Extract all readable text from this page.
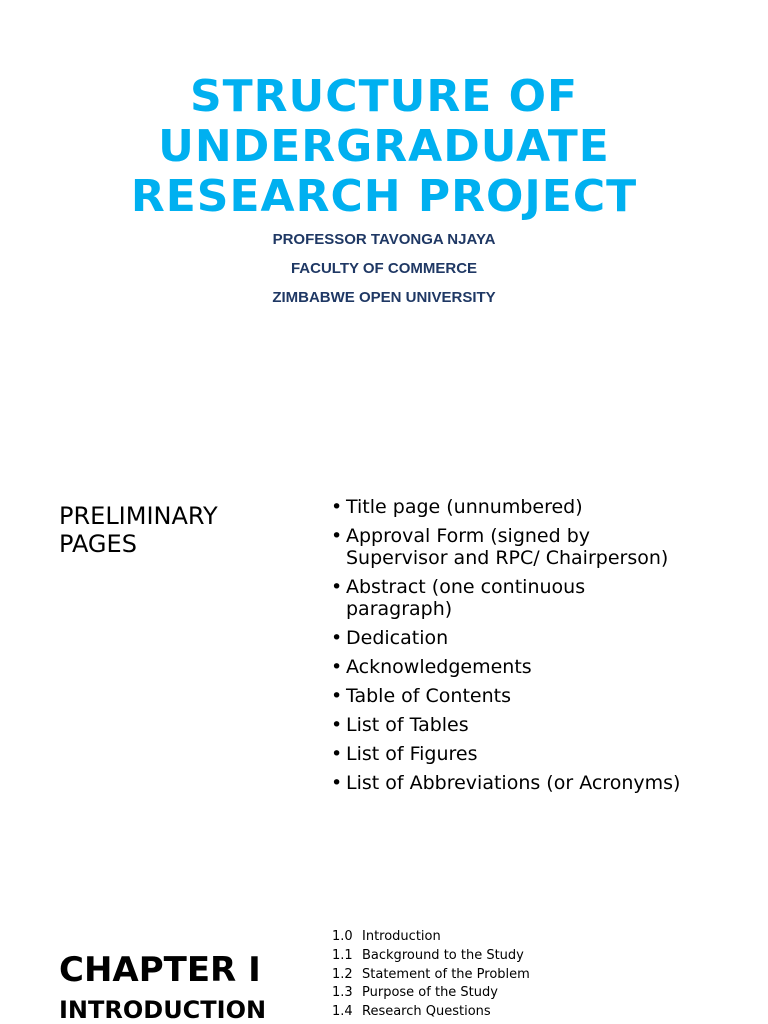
STRUCTURE OF
UNDERGRADUATE
RESEARCH PROJECT
PROFESSOR TAVONGA NJAYA
FACULTY OF COMMERCE
ZIMBABWE OPEN UNIVERSITY
PRELIMINARY
PAGES
• Title page (unnumbered)
• Approval Form (signed by
Supervisor and RPC/ Chairperson)
• Abstract (one continuous
paragraph)
• Dedication
• Acknowledgements
• Table of Contents
• List of Tables
• List of Figures
• List of Abbreviations (or Acronyms)
CHAPTER I
INTRODUCTION
1.0 Introduction
1.1 Background to the Study
1.2 Statement of the Problem
1.3 Purpose of the Study
1.4 Research Questions
